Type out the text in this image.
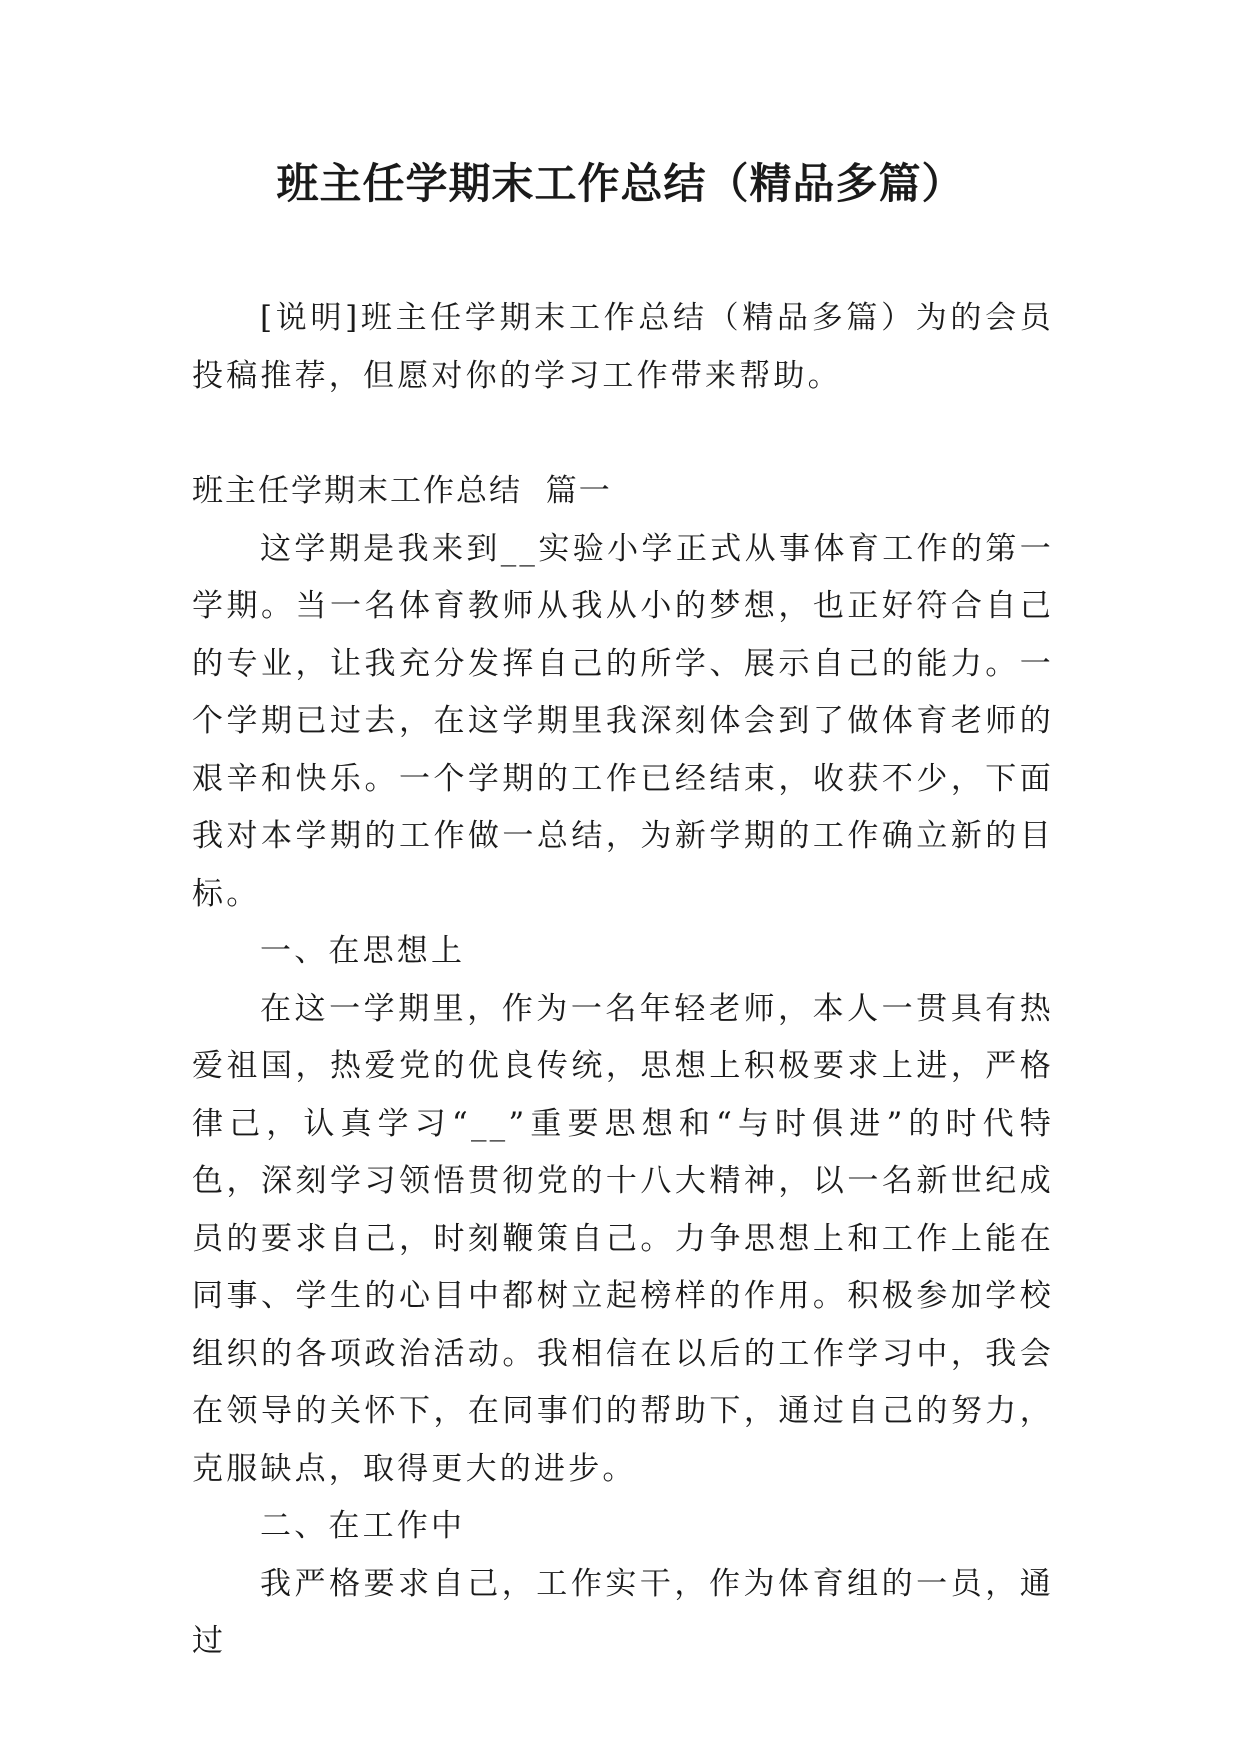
班主任学期末工作总结（精品多篇）

[说明]班主任学期末工作总结（精品多篇）为的会员投稿推荐，但愿对你的学习工作带来帮助。

班主任学期末工作总结  篇一

这学期是我来到__实验小学正式从事体育工作的第一学期。当一名体育教师从我从小的梦想，也正好符合自己的专业，让我充分发挥自己的所学、展示自己的能力。一个学期已过去，在这学期里我深刻体会到了做体育老师的艰辛和快乐。一个学期的工作已经结束，收获不少，下面我对本学期的工作做一总结，为新学期的工作确立新的目标。

一、在思想上

在这一学期里，作为一名年轻老师，本人一贯具有热爱祖国，热爱党的优良传统，思想上积极要求上进，严格律己，认真学习“__”重要思想和“与时俱进”的时代特色，深刻学习领悟贯彻党的十八大精神，以一名新世纪成员的要求自己，时刻鞭策自己。力争思想上和工作上能在同事、学生的心目中都树立起榜样的作用。积极参加学校组织的各项政治活动。我相信在以后的工作学习中，我会在领导的关怀下，在同事们的帮助下，通过自己的努力，克服缺点，取得更大的进步。

二、在工作中

我严格要求自己，工作实干，作为体育组的一员，通过
